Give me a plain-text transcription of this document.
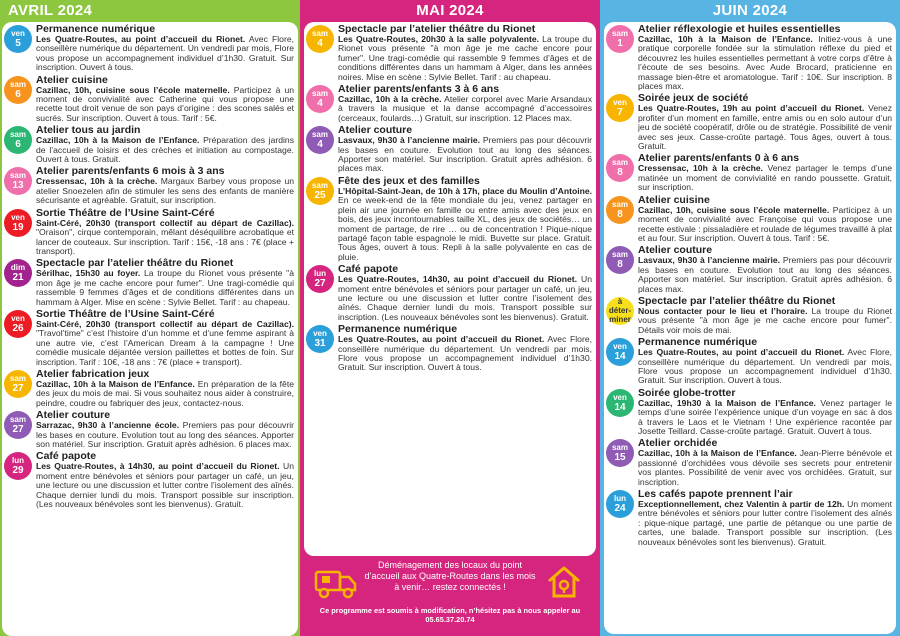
AVRIL 2024
ven
5
Permanence numérique
Les Quatre-Routes, au point d’accueil du Rionet. Avec Flore, conseillère numérique du département. Un vendredi par mois, Flore vous propose un accompagnement individuel d’1h30. Gratuit. Sur inscription. Ouvert à tous.
sam
6
Atelier cuisine
Cazillac, 10h, cuisine sous l’école maternelle. Participez à un moment de convivialité avec Catherine qui vous propose une recette tout droit venue de son pays d’origine : des scones salés et sucrés. Sur inscription. Ouvert à tous. Tarif : 5€.
sam
6
Atelier tous au jardin
Cazillac, 10h à la Maison de l’Enfance. Préparation des jardins de l’accueil de loisirs et des crèches et initiation au compostage. Ouvert à tous. Gratuit.
sam
13
Atelier parents/enfants 6 mois à 3 ans
Cressensac, 10h à la crèche. Margaux Barbey vous propose un atelier Snoezelen afin de stimuler les sens des enfants de manière sécurisante et agréable. Gratuit, sur inscription.
ven
19
Sortie Théâtre de l’Usine Saint-Céré
Saint-Céré, 20h30 (transport collectif au départ de Cazillac). "Oraison", cirque contemporain, mêlant déséquilibre acrobatique et lancer de couteaux. Sur inscription. Tarif : 15€, -18 ans : 7€ (place + transport).
dim
21
Spectacle par l’atelier théâtre du Rionet
Sérilhac, 15h30 au foyer. La troupe du Rionet vous présente "à mon âge je me cache encore pour fumer". Une tragi-comédie qui rassemble 9 femmes d’âges et de conditions différentes dans un hammam à Alger. Mise en scène : Sylvie Bellet. Tarif : au chapeau.
ven
26
Sortie Théâtre de l’Usine Saint-Céré
Saint-Céré, 20h30 (transport collectif au départ de Cazillac). "Travol’time" c’est l’histoire d’un homme et d’une femme aspirant à une autre vie, c’est l’American Dream à la campagne ! Une comédie musicale déjantée version paillettes et bottes de foin. Sur inscription. Tarif : 10€, -18 ans : 7€ (place + transport).
sam
27
Atelier fabrication jeux
Cazillac, 10h à la Maison de l’Enfance. En préparation de la fête des jeux du mois de mai. Si vous souhaitez nous aider à construire, peindre, coudre ou fabriquer des jeux, contactez-nous.
sam
27
Atelier couture
Sarrazac, 9h30 à l’ancienne école. Premiers pas pour découvrir les bases en couture. Evolution tout au long des séances. Apporter son matériel. Sur inscription. Gratuit après adhésion. 6 places max.
lun
29
Café papote
Les Quatre-Routes, à 14h30, au point d’accueil du Rionet. Un moment entre bénévoles et séniors pour partager un café, un jeu, une lecture ou une discussion et lutter contre l’isolement des aînés. Chaque dernier lundi du mois. Transport possible sur inscription. (Les nouveaux bénévoles sont les bienvenus). Gratuit.
MAI 2024
sam
4
Spectacle par l’atelier théâtre du Rionet
Les Quatre-Routes, 20h30 à la salle polyvalente. La troupe du Rionet vous présente "à mon âge je me cache encore pour fumer". Une tragi-comédie qui rassemble 9 femmes d’âges et de conditions différentes dans un hammam à Alger, dans les années noires. Mise en scène : Sylvie Bellet. Tarif : au chapeau.
sam
4
Atelier parents/enfants 3 à 6 ans
Cazillac, 10h à la crèche. Atelier corporel avec Marie Arsandaux à travers la musique et la danse accompagné d’accessoires (cerceaux, foulards…) Gratuit, sur inscription. 12 Places max.
sam
4
Atelier couture
Lasvaux, 9h30 à l’ancienne mairie. Premiers pas pour découvrir les bases en couture. Evolution tout au long des séances. Apporter son matériel. Sur inscription. Gratuit après adhésion. 6 places max.
sam
25
Fête des jeux et des familles
L’Hôpital-Saint-Jean, de 10h à 17h, place du Moulin d’Antoine. En ce week-end de la fête mondiale du jeu, venez partager en plein air une journée en famille ou entre amis avec des jeux en bois, des jeux incontournables taille XL, des jeux de sociétés… un moment de partage, de rire … ou de concentration ! Pique-nique partagé façon table espagnole le midi. Buvette sur place. Gratuit. Tous âges, ouvert à tous. Repli à la salle polyvalente en cas de pluie.
lun
27
Café papote
Les Quatre-Routes, 14h30, au point d’accueil du Rionet. Un moment entre bénévoles et séniors pour partager un café, un jeu, une lecture ou une discussion et lutter contre l’isolement des aînés. Chaque dernier lundi du mois. Transport possible sur inscription. (Les nouveaux bénévoles sont les bienvenus). Gratuit.
ven
31
Permanence numérique
Les Quatre-Routes, au point d’accueil du Rionet. Avec Flore, conseillère numérique du département. Un vendredi par mois, Flore vous propose un accompagnement individuel d’1h30. Gratuit. Sur inscription. Ouvert à tous.
Déménagement des locaux du point d’accueil aux Quatre-Routes dans les mois à venir… restez connectés !
Ce programme est soumis à modification, n’hésitez pas à nous appeler au 05.65.37.20.74
JUIN 2024
sam
1
Atelier réflexologie et huiles essentielles
Cazillac, 10h à la Maison de l’Enfance. Initiez-vous à une pratique corporelle fondée sur la stimulation réflexe du pied et découvrez les huiles essentielles permettant à votre corps d’être à l’écoute de ses besoins. Avec Aude Brocard, praticienne en massage bien-être et aromatologue. Tarif : 10€. Sur inscription. 8 places max.
ven
7
Soirée jeux de société
Les Quatre-Routes, 19h au point d’accueil du Rionet. Venez profiter d’un moment en famille, entre amis ou en solo autour d’un jeu de société coopératif, drôle ou de stratégie. Possibilité de venir avec ses jeux. Casse-croûte partagé. Tous âges, ouvert à tous. Gratuit.
sam
8
Atelier parents/enfants 0 à 6 ans
Cressensac, 10h à la crèche. Venez partager le temps d’une matinée un moment de convivialité en rando poussette. Gratuit, sur inscription.
sam
8
Atelier cuisine
Cazillac, 10h, cuisine sous l’école maternelle. Participez à un moment de convivialité avec Françoise qui vous propose une recette estivale : pissaladière et roulade de légumes travaillé à plat et au four. Sur inscription. Ouvert à tous. Tarif : 5€.
sam
8
Atelier couture
Lasvaux, 9h30 à l’ancienne mairie. Premiers pas pour découvrir les bases en couture. Evolution tout au long des séances. Apporter son matériel. Sur inscription. Gratuit après adhésion. 6 places max.
à déter-
miner
Spectacle par l’atelier théâtre du Rionet
Nous contacter pour le lieu et l’horaire. La troupe du Rionet vous présente "à mon âge je me cache encore pour fumer". Détails voir mois de mai.
ven
14
Permanence numérique
Les Quatre-Routes, au point d’accueil du Rionet. Avec Flore, conseillère numérique du département. Un vendredi par mois, Flore vous propose un accompagnement individuel d’1h30. Gratuit. Sur inscription. Ouvert à tous.
ven
14
Soirée globe-trotter
Cazillac, 19h30 à la Maison de l’Enfance. Venez partager le temps d’une soirée l’expérience unique d’un voyage en sac à dos à travers le Laos et le Vietnam ! Une expérience racontée par Josette Teillard. Casse-croûte partagé. Gratuit. Ouvert à tous.
sam
15
Atelier orchidée
Cazillac, 10h à la Maison de l’Enfance. Jean-Pierre bénévole et passionné d’orchidées vous dévoile ses secrets pour entretenir vos plantes. Possibilité de venir avec vos orchidées. Gratuit, sur inscription.
lun
24
Les cafés papote prennent l’air
Exceptionnellement, chez Valentin à partir de 12h. Un moment entre bénévoles et séniors pour lutter contre l’isolement des aînés : pique-nique partagé, une partie de pétanque ou une partie de cartes, une balade. Transport possible sur inscription. (Les nouveaux bénévoles sont les bienvenus). Gratuit.
